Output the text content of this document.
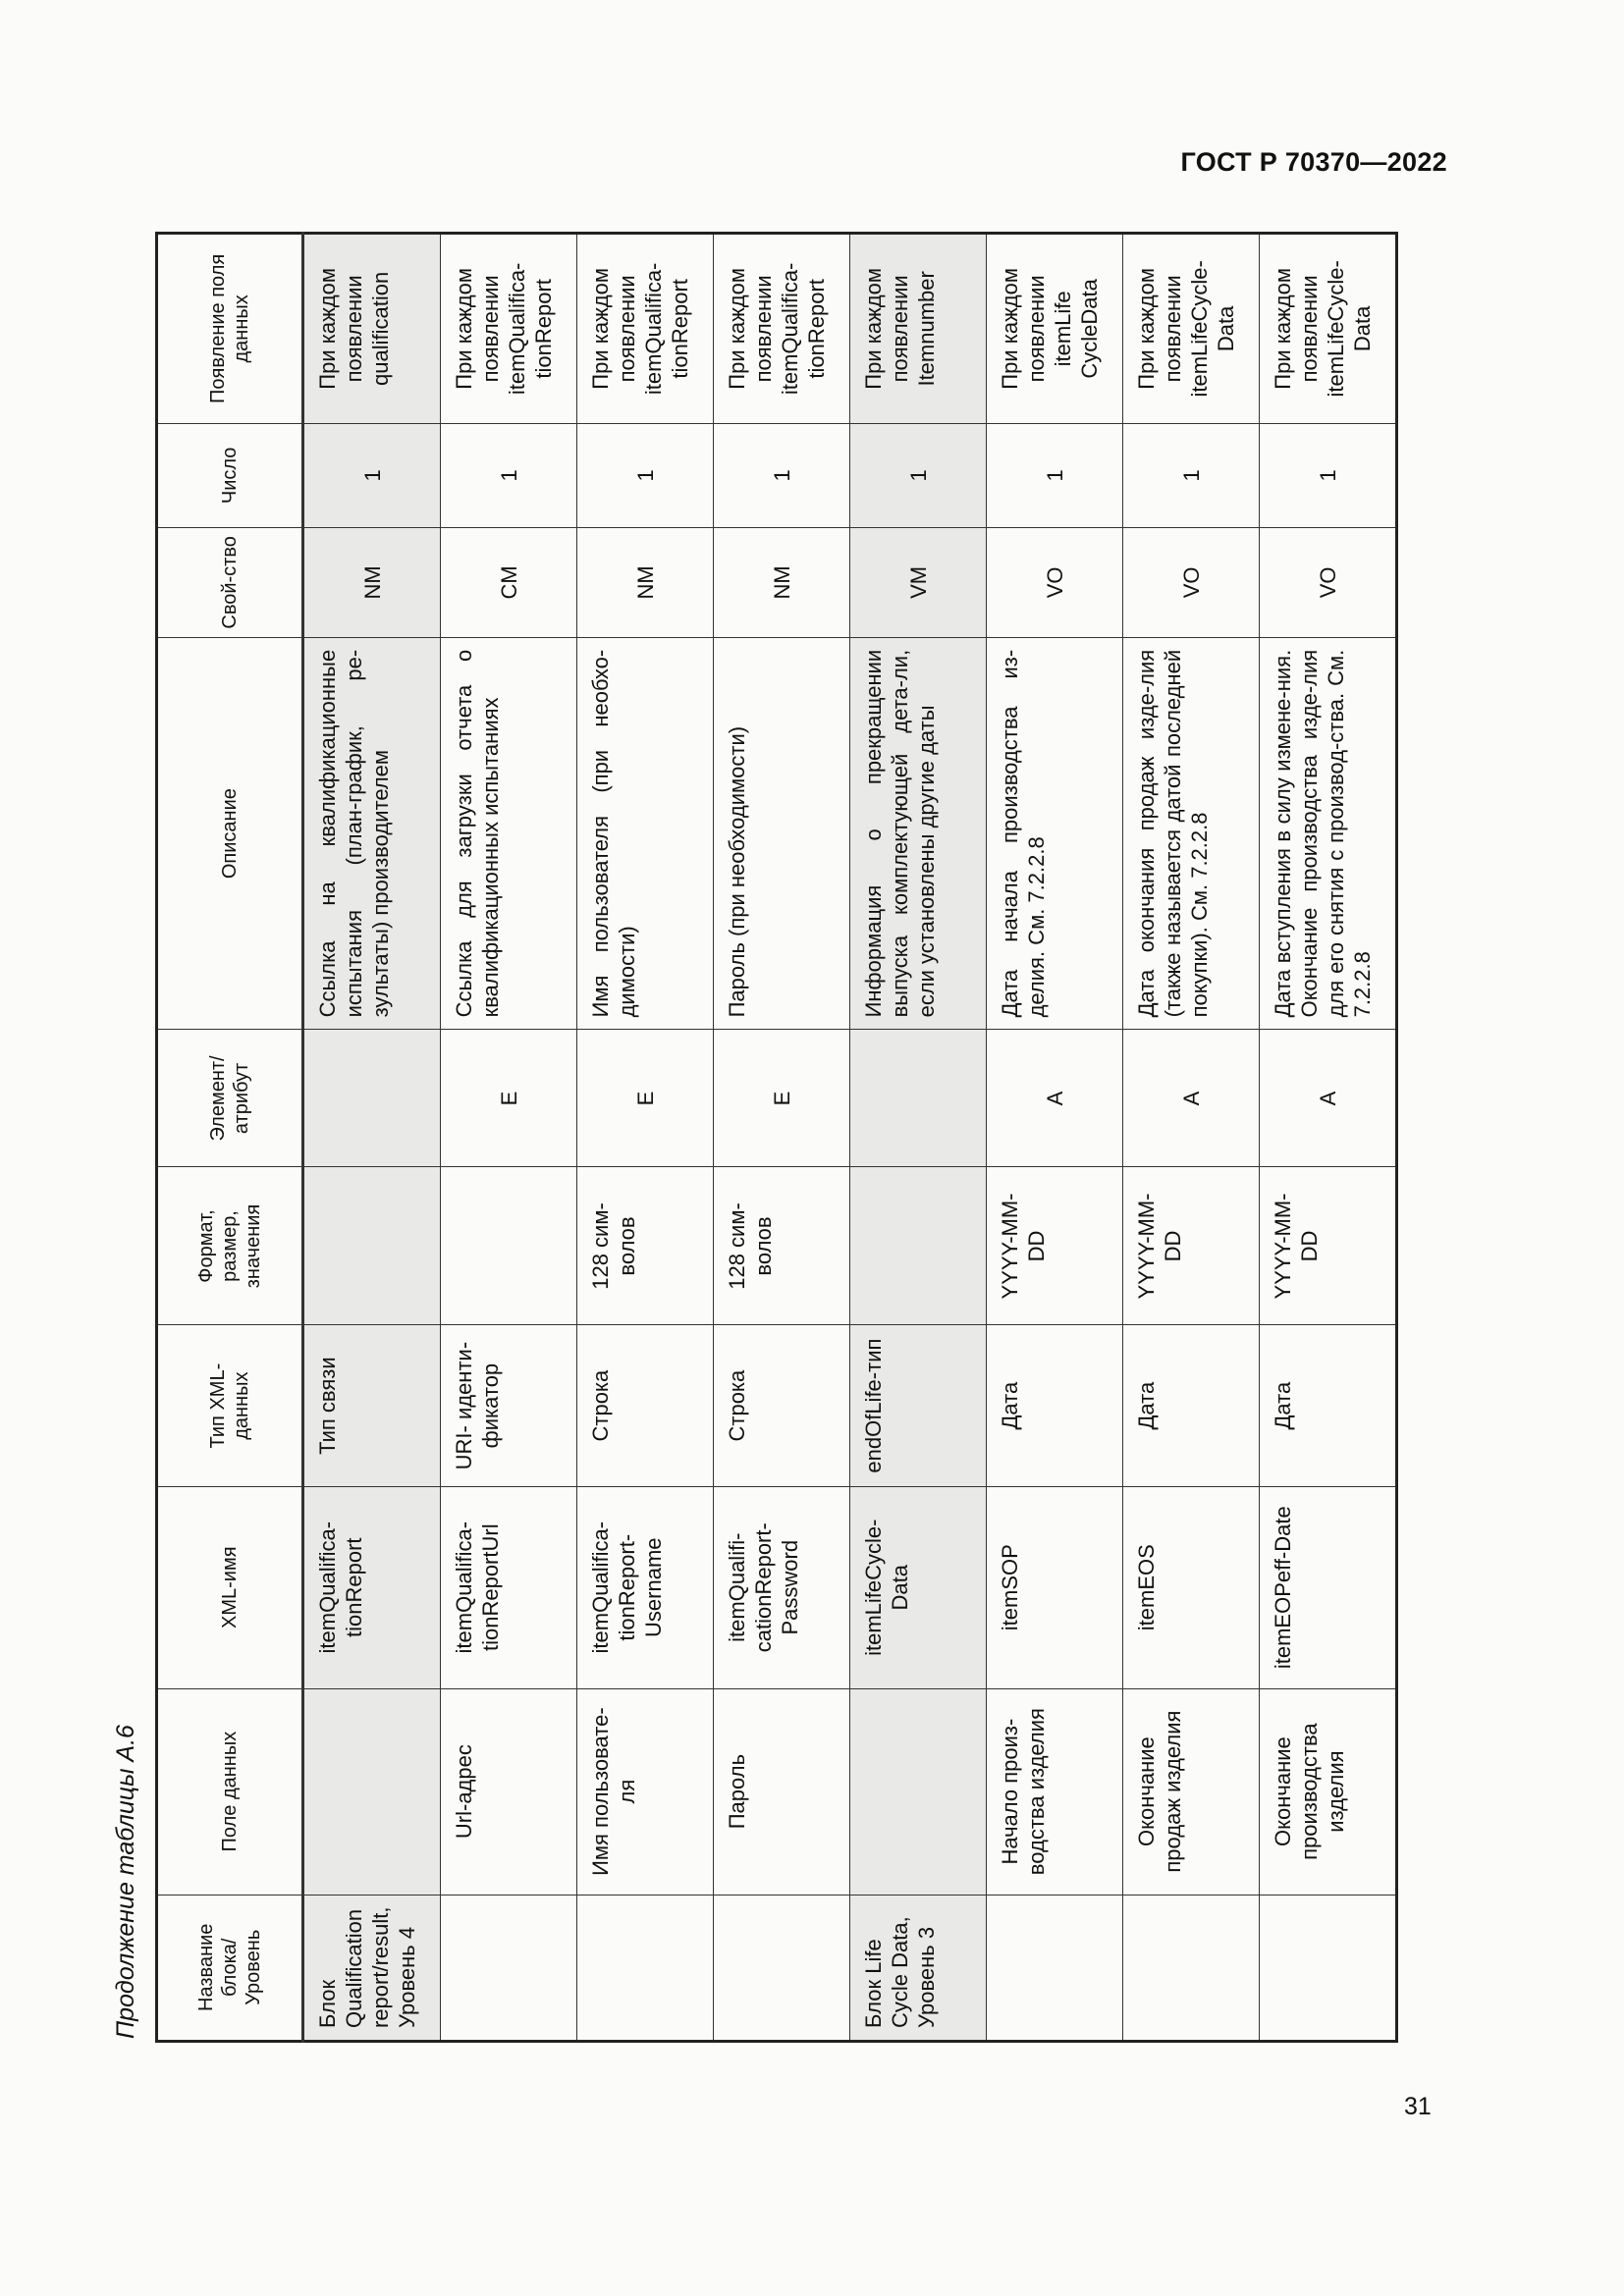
ГОСТ Р 70370—2022
Продолжение таблицы А.6	Название блока/ Уровень	Поле данных	XML-имя	Тип XML-данных	Формат, размер, значения	Элемент/ атрибут	Описание	Свой-ство	Число	Появление поля данных
Блок Qualification report/result, Уровень 4		itemQualifica-tionReport	Тип связи			Ссылка на квалификационные испытания (план-график, ре-зультаты) производителем	NM	1	При каждом появлении qualification
	Url-адрес	itemQualifica-tionReportUrl	URI- иденти-фикатор		E	Ссылка для загрузки отчета о квалификационных испытаниях	CM	1	При каждом появлении itemQualifica-tionReport
	Имя пользовате-ля	itemQualifica-tionReport-Username	Строка	128 сим-волов	E	Имя пользователя (при необхо-димости)	NM	1	При каждом появлении itemQualifica-tionReport
	Пароль	itemQualifi-cationReport-Password	Строка	128 сим-волов	E	Пароль (при необходимости)	NM	1	При каждом появлении itemQualifica-tionReport
Блок Life Cycle Data, Уровень 3		itemLifeCycle-Data	endOfLife-тип			Информация о прекращении выпуска комплектующей дета-ли, если установлены другие даты	VM	1	При каждом появлении Itemnumber
	Начало произ-водства изделия	itemSOP	Дата	YYYY-MM-DD	A	Дата начала производства из-делия. См. 7.2.2.8	VO	1	При каждом появлении itemLife CycleData
	Окончание продаж изделия	itemEOS	Дата	YYYY-MM-DD	A	Дата окончания продаж изде-лия (также называется датой последней покупки). См. 7.2.2.8	VO	1	При каждом появлении itemLifeCycle-Data
	Окончание производства изделия	itemEOPeff-Date	Дата	YYYY-MM-DD	A	Дата вступления в силу измене-ния. Окончание производства изде-лия для его снятия с производ-ства. См. 7.2.2.8	VO	1	При каждом появлении itemLifeCycle-Data
31
